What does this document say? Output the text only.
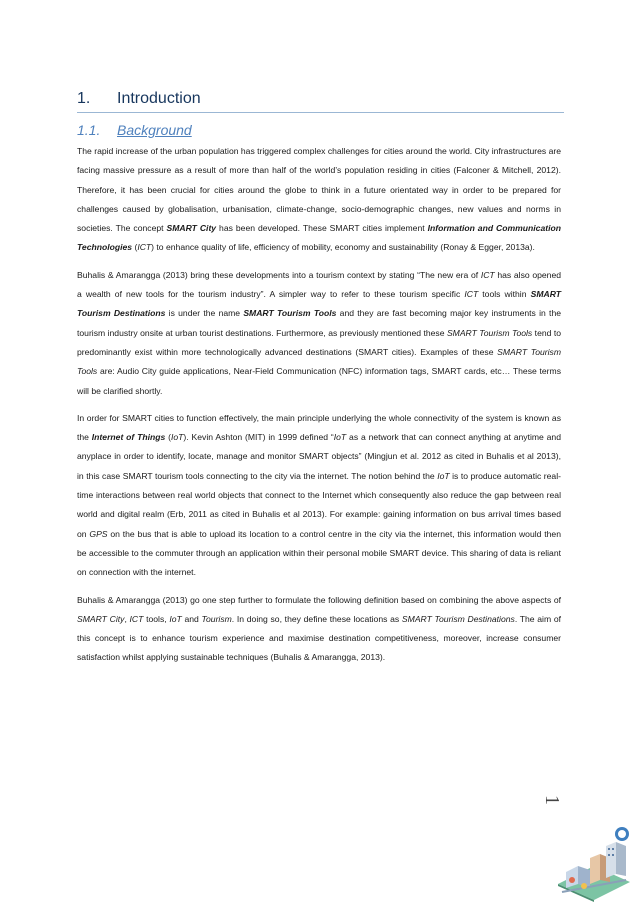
1. Introduction
1.1. Background

The rapid increase of the urban population has triggered complex challenges for cities around the world. City infrastructures are facing massive pressure as a result of more than half of the world’s population residing in cities (Falconer & Mitchell, 2012). Therefore, it has been crucial for cities around the globe to think in a future orientated way in order to be prepared for challenges caused by globalisation, urbanisation, climate-change, socio-demographic changes, new values and norms in societies. The concept SMART City has been developed. These SMART cities implement Information and Communication Technologies (ICT) to enhance quality of life, efficiency of mobility, economy and sustainability (Ronay & Egger, 2013a).

Buhalis & Amarangga (2013) bring these developments into a tourism context by stating “The new era of ICT has also opened a wealth of new tools for the tourism industry”. A simpler way to refer to these tourism specific ICT tools within SMART Tourism Destinations is under the name SMART Tourism Tools and they are fast becoming major key instruments in the tourism industry onsite at urban tourist destinations. Furthermore, as previously mentioned these SMART Tourism Tools tend to predominantly exist within more technologically advanced destinations (SMART cities). Examples of these SMART Tourism Tools are: Audio City guide applications, Near-Field Communication (NFC) information tags, SMART cards, etc… These terms will be clarified shortly.

In order for SMART cities to function effectively, the main principle underlying the whole connectivity of the system is known as the Internet of Things (IoT). Kevin Ashton (MIT) in 1999 defined “IoT as a network that can connect anything at anytime and anyplace in order to identify, locate, manage and monitor SMART objects” (Mingjun et al. 2012 as cited in Buhalis et al 2013), in this case SMART tourism tools connecting to the city via the internet. The notion behind the IoT is to produce automatic real-time interactions between real world objects that connect to the Internet which consequently also reduce the gap between real world and digital realm (Erb, 2011 as cited in Buhalis et al 2013). For example: gaining information on bus arrival times based on GPS on the bus that is able to upload its location to a control centre in the city via the internet, this information would then be accessible to the commuter through an application within their personal mobile SMART device. This sharing of data is reliant on connection with the internet.

Buhalis & Amarangga (2013) go one step further to formulate the following definition based on combining the above aspects of SMART City, ICT tools, IoT and Tourism. In doing so, they define these locations as SMART Tourism Destinations. The aim of this concept is to enhance tourism experience and maximise destination competitiveness, moreover, increase consumer satisfaction whilst applying sustainable techniques (Buhalis & Amarangga, 2013).

1
